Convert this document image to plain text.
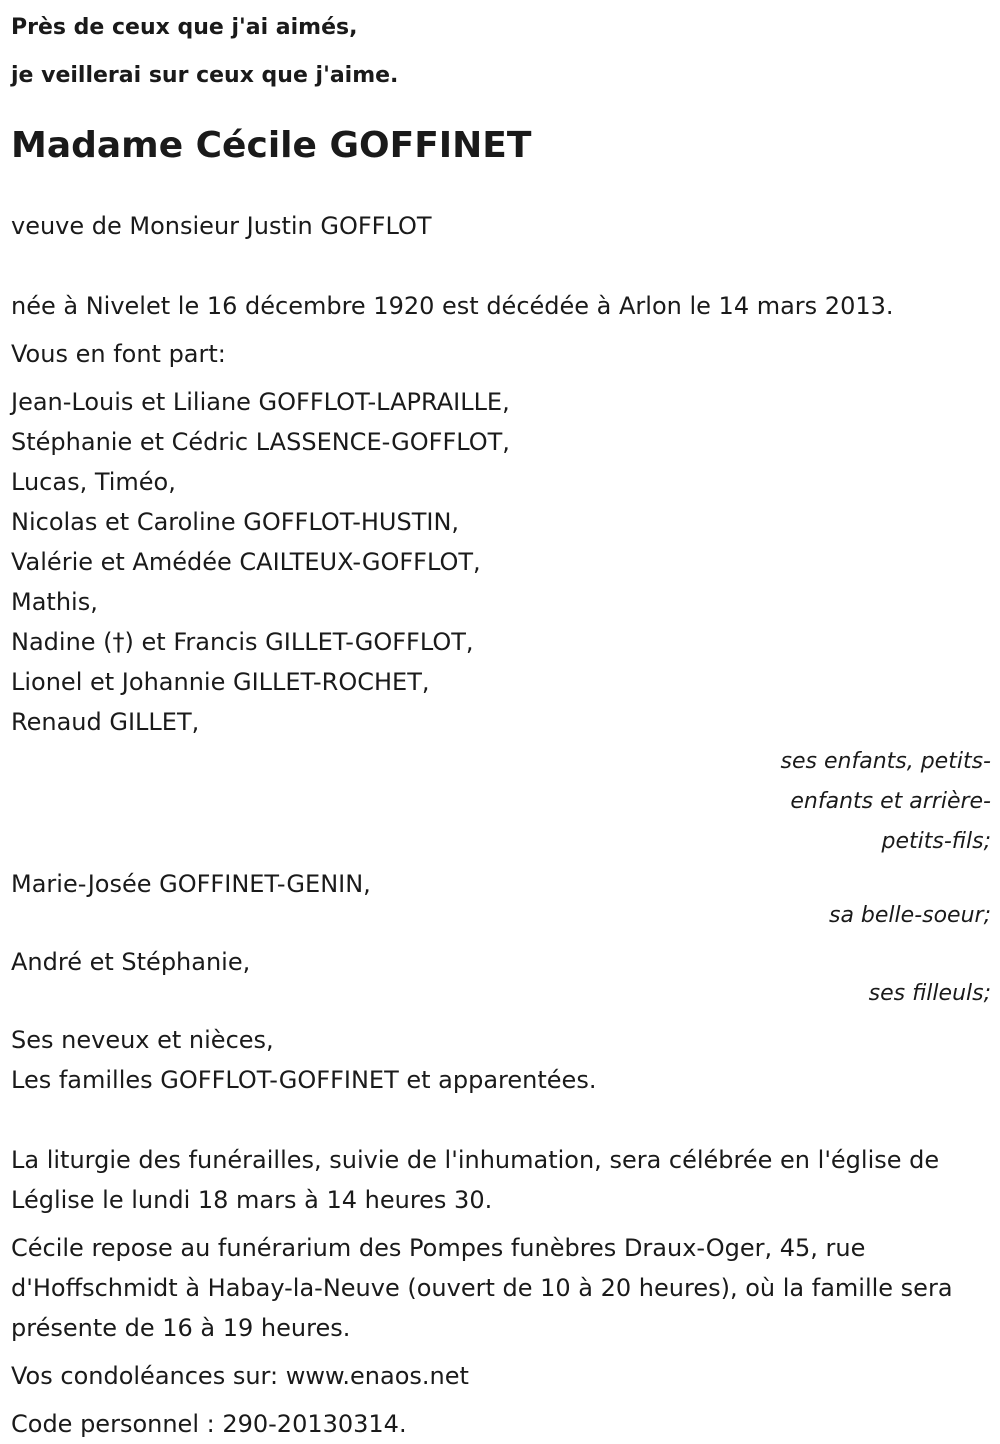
Près de ceux que j'ai aimés,
je veillerai sur ceux que j'aime.
Madame Cécile GOFFINET
veuve de Monsieur Justin GOFFLOT
née à Nivelet le 16 décembre 1920 est décédée à Arlon le 14 mars 2013.
Vous en font part:
Jean-Louis et Liliane GOFFLOT-LAPRAILLE,
Stéphanie et Cédric LASSENCE-GOFFLOT,
Lucas, Timéo,
Nicolas et Caroline GOFFLOT-HUSTIN,
Valérie et Amédée CAILTEUX-GOFFLOT,
Mathis,
Nadine (†) et Francis GILLET-GOFFLOT,
Lionel et Johannie GILLET-ROCHET,
Renaud GILLET,
ses enfants, petits-enfants et arrière-petits-fils;
Marie-Josée GOFFINET-GENIN,
sa belle-soeur;
André et Stéphanie,
ses filleuls;
Ses neveux et nièces,
Les familles GOFFLOT-GOFFINET et apparentées.
La liturgie des funérailles, suivie de l'inhumation, sera célébrée en l'église de Léglise le lundi 18 mars à 14 heures 30.
Cécile repose au funérarium des Pompes funèbres Draux-Oger, 45, rue d'Hoffschmidt à Habay-la-Neuve (ouvert de 10 à 20 heures), où la famille sera présente de 16 à 19 heures.
Vos condoléances sur: www.enaos.net
Code personnel : 290-20130314.
